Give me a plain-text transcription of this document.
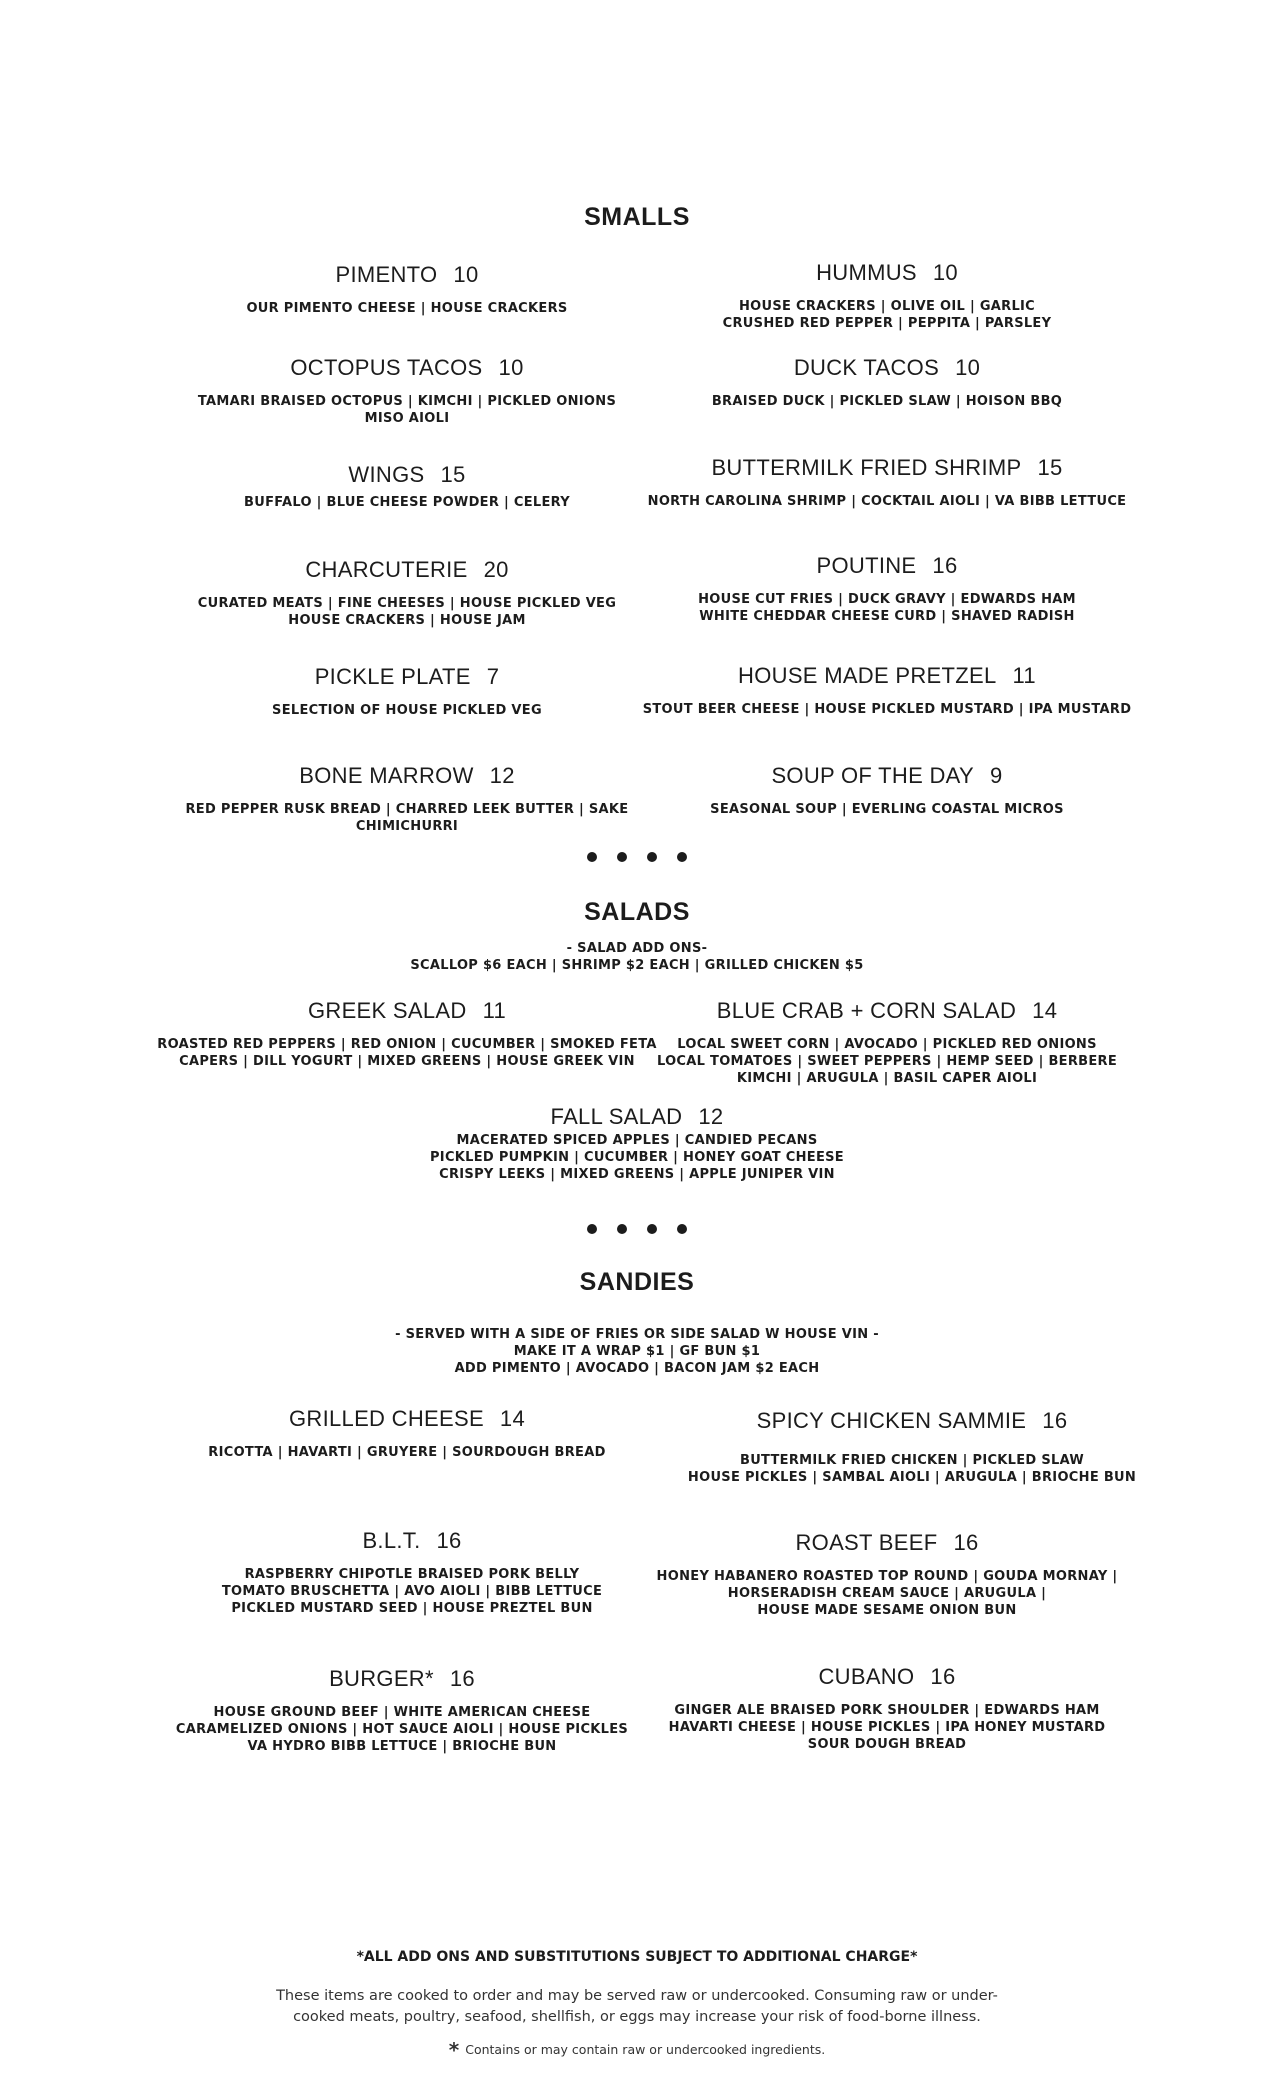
SMALLS
PIMENTO 10
OUR PIMENTO CHEESE | HOUSE CRACKERS
HUMMUS 10
HOUSE CRACKERS | OLIVE OIL | GARLIC
CRUSHED RED PEPPER | PEPPITA | PARSLEY
OCTOPUS TACOS 10
TAMARI BRAISED OCTOPUS | KIMCHI | PICKLED ONIONS
MISO AIOLI
DUCK TACOS 10
BRAISED DUCK | PICKLED SLAW | HOISON BBQ
WINGS 15
BUFFALO | BLUE CHEESE POWDER | CELERY
BUTTERMILK FRIED SHRIMP 15
NORTH CAROLINA SHRIMP | COCKTAIL AIOLI | VA BIBB LETTUCE
CHARCUTERIE 20
CURATED MEATS | FINE CHEESES | HOUSE PICKLED VEG
HOUSE CRACKERS | HOUSE JAM
POUTINE 16
HOUSE CUT FRIES | DUCK GRAVY | EDWARDS HAM
WHITE CHEDDAR CHEESE CURD | SHAVED RADISH
PICKLE PLATE 7
SELECTION OF HOUSE PICKLED VEG
HOUSE MADE PRETZEL 11
STOUT BEER CHEESE | HOUSE PICKLED MUSTARD | IPA MUSTARD
BONE MARROW 12
RED PEPPER RUSK BREAD | CHARRED LEEK BUTTER | SAKE
CHIMICHURRI
SOUP OF THE DAY 9
SEASONAL SOUP | EVERLING COASTAL MICROS
SALADS
- SALAD ADD ONS-
SCALLOP $6 EACH | SHRIMP $2 EACH | GRILLED CHICKEN $5
GREEK SALAD 11
ROASTED RED PEPPERS | RED ONION | CUCUMBER | SMOKED FETA
CAPERS | DILL YOGURT | MIXED GREENS | HOUSE GREEK VIN
BLUE CRAB + CORN SALAD 14
LOCAL SWEET CORN | AVOCADO | PICKLED RED ONIONS
LOCAL TOMATOES | SWEET PEPPERS | HEMP SEED | BERBERE
KIMCHI | ARUGULA | BASIL CAPER AIOLI
FALL SALAD 12
MACERATED SPICED APPLES | CANDIED PECANS
PICKLED PUMPKIN | CUCUMBER | HONEY GOAT CHEESE
CRISPY LEEKS | MIXED GREENS | APPLE JUNIPER VIN
SANDIES
- SERVED WITH A SIDE OF FRIES OR SIDE SALAD W HOUSE VIN -
MAKE IT A WRAP $1 | GF BUN $1
ADD PIMENTO | AVOCADO | BACON JAM $2 EACH
GRILLED CHEESE 14
RICOTTA | HAVARTI | GRUYERE | SOURDOUGH BREAD
SPICY CHICKEN SAMMIE 16
BUTTERMILK FRIED CHICKEN | PICKLED SLAW
HOUSE PICKLES | SAMBAL AIOLI | ARUGULA | BRIOCHE BUN
B.L.T. 16
RASPBERRY CHIPOTLE BRAISED PORK BELLY
TOMATO BRUSCHETTA | AVO AIOLI | BIBB LETTUCE
PICKLED MUSTARD SEED | HOUSE PREZTEL BUN
ROAST BEEF 16
HONEY HABANERO ROASTED TOP ROUND | GOUDA MORNAY |
HORSERADISH CREAM SAUCE | ARUGULA |
HOUSE MADE SESAME ONION BUN
BURGER* 16
HOUSE GROUND BEEF | WHITE AMERICAN CHEESE
CARAMELIZED ONIONS | HOT SAUCE AIOLI | HOUSE PICKLES
VA HYDRO BIBB LETTUCE | BRIOCHE BUN
CUBANO 16
GINGER ALE BRAISED PORK SHOULDER | EDWARDS HAM
HAVARTI CHEESE | HOUSE PICKLES | IPA HONEY MUSTARD
SOUR DOUGH BREAD
*ALL ADD ONS AND SUBSTITUTIONS SUBJECT TO ADDITIONAL CHARGE*
These items are cooked to order and may be served raw or undercooked. Consuming raw or under-
cooked meats, poultry, seafood, shellfish, or eggs may increase your risk of food-borne illness.
* Contains or may contain raw or undercooked ingredients.
